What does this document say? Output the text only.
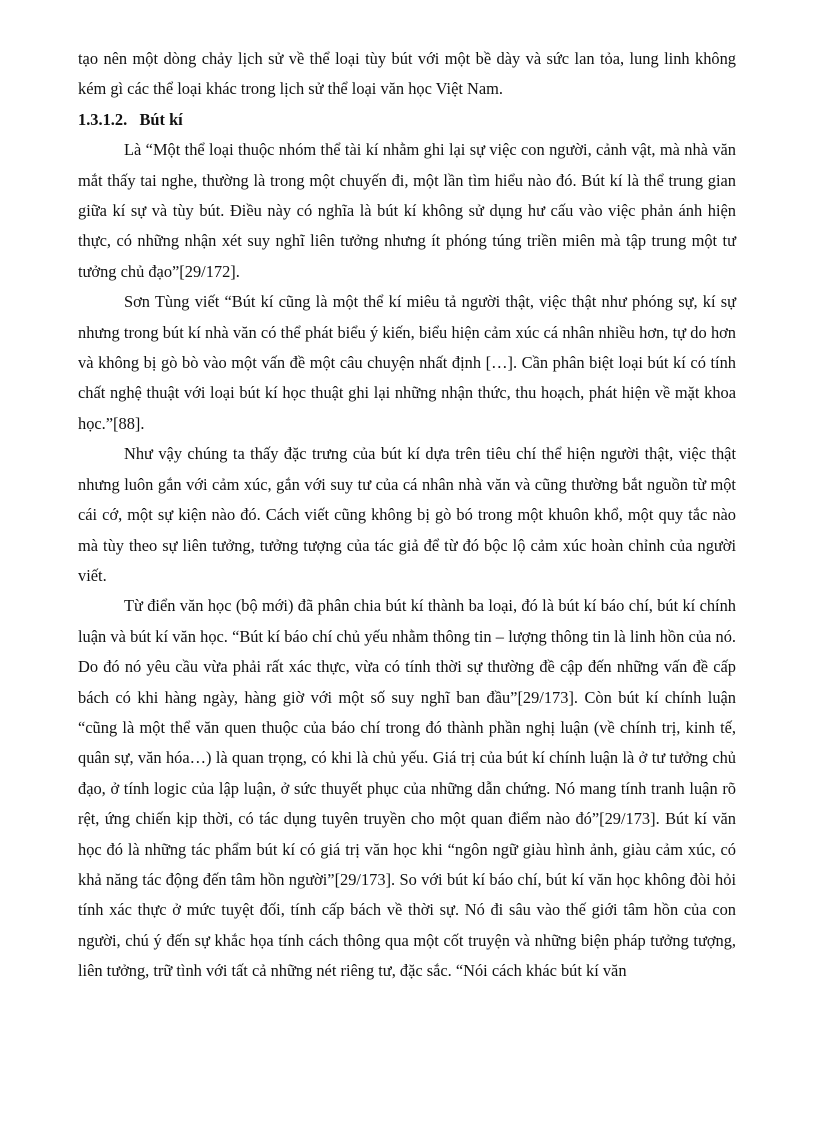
tạo nên một dòng chảy lịch sử về thể loại tùy bút với một bề dày và sức lan tỏa, lung linh không kém gì các thể loại khác trong lịch sử thể loại văn học Việt Nam.

1.3.1.2.   Bút kí

Là “Một thể loại thuộc nhóm thể tài kí nhằm ghi lại sự việc con người, cảnh vật, mà nhà văn mắt thấy tai nghe, thường là trong một chuyến đi, một lần tìm hiểu nào đó. Bút kí là thể trung gian giữa kí sự và tùy bút. Điều này có nghĩa là bút kí không sử dụng hư cấu vào việc phản ánh hiện thực, có những nhận xét suy nghĩ liên tưởng nhưng ít phóng túng triền miên mà tập trung một tư tưởng chủ đạo”[29/172].

Sơn Tùng viết “Bút kí cũng là một thể kí miêu tả người thật, việc thật như phóng sự, kí sự nhưng trong bút kí nhà văn có thể phát biểu ý kiến, biểu hiện cảm xúc cá nhân nhiều hơn, tự do hơn và không bị gò bò vào một vấn đề một câu chuyện nhất định […]. Cần phân biệt loại bút kí có tính chất nghệ thuật với loại bút kí học thuật ghi lại những nhận thức, thu hoạch, phát hiện về mặt khoa học.”[88].

Như vậy chúng ta thấy đặc trưng của bút kí dựa trên tiêu chí thể hiện người thật, việc thật nhưng luôn gắn với cảm xúc, gắn với suy tư của cá nhân nhà văn và cũng thường bắt nguồn từ một cái cớ, một sự kiện nào đó. Cách viết cũng không bị gò bó trong một khuôn khổ, một quy tắc nào mà tùy theo sự liên tưởng, tưởng tượng của tác giả để từ đó bộc lộ cảm xúc hoàn chỉnh của người viết.

Từ điển văn học (bộ mới) đã phân chia bút kí thành ba loại, đó là bút kí báo chí, bút kí chính luận và bút kí văn học. “Bút kí báo chí chủ yếu nhằm thông tin – lượng thông tin là linh hồn của nó. Do đó nó yêu cầu vừa phải rất xác thực, vừa có tính thời sự thường đề cập đến những vấn đề cấp bách có khi hàng ngày, hàng giờ với một số suy nghĩ ban đầu”[29/173]. Còn bút kí chính luận “cũng là một thể văn quen thuộc của báo chí trong đó thành phần nghị luận (về chính trị, kinh tế, quân sự, văn hóa…) là quan trọng, có khi là chủ yếu. Giá trị của bút kí chính luận là ở tư tưởng chủ đạo, ở tính logic của lập luận, ở sức thuyết phục của những dẫn chứng. Nó mang tính tranh luận rõ rệt, ứng chiến kịp thời, có tác dụng tuyên truyền cho một quan điểm nào đó”[29/173]. Bút kí văn học đó là những tác phẩm bút kí có giá trị văn học khi “ngôn ngữ giàu hình ảnh, giàu cảm xúc, có khả năng tác động đến tâm hồn người”[29/173]. So với bút kí báo chí, bút kí văn học không đòi hỏi tính xác thực ở mức tuyệt đối, tính cấp bách về thời sự. Nó đi sâu vào thế giới tâm hồn của con người, chú ý đến sự khắc họa tính cách thông qua một cốt truyện và những biện pháp tưởng tượng, liên tưởng, trữ tình với tất cả những nét riêng tư, đặc sắc. “Nói cách khác bút kí văn
